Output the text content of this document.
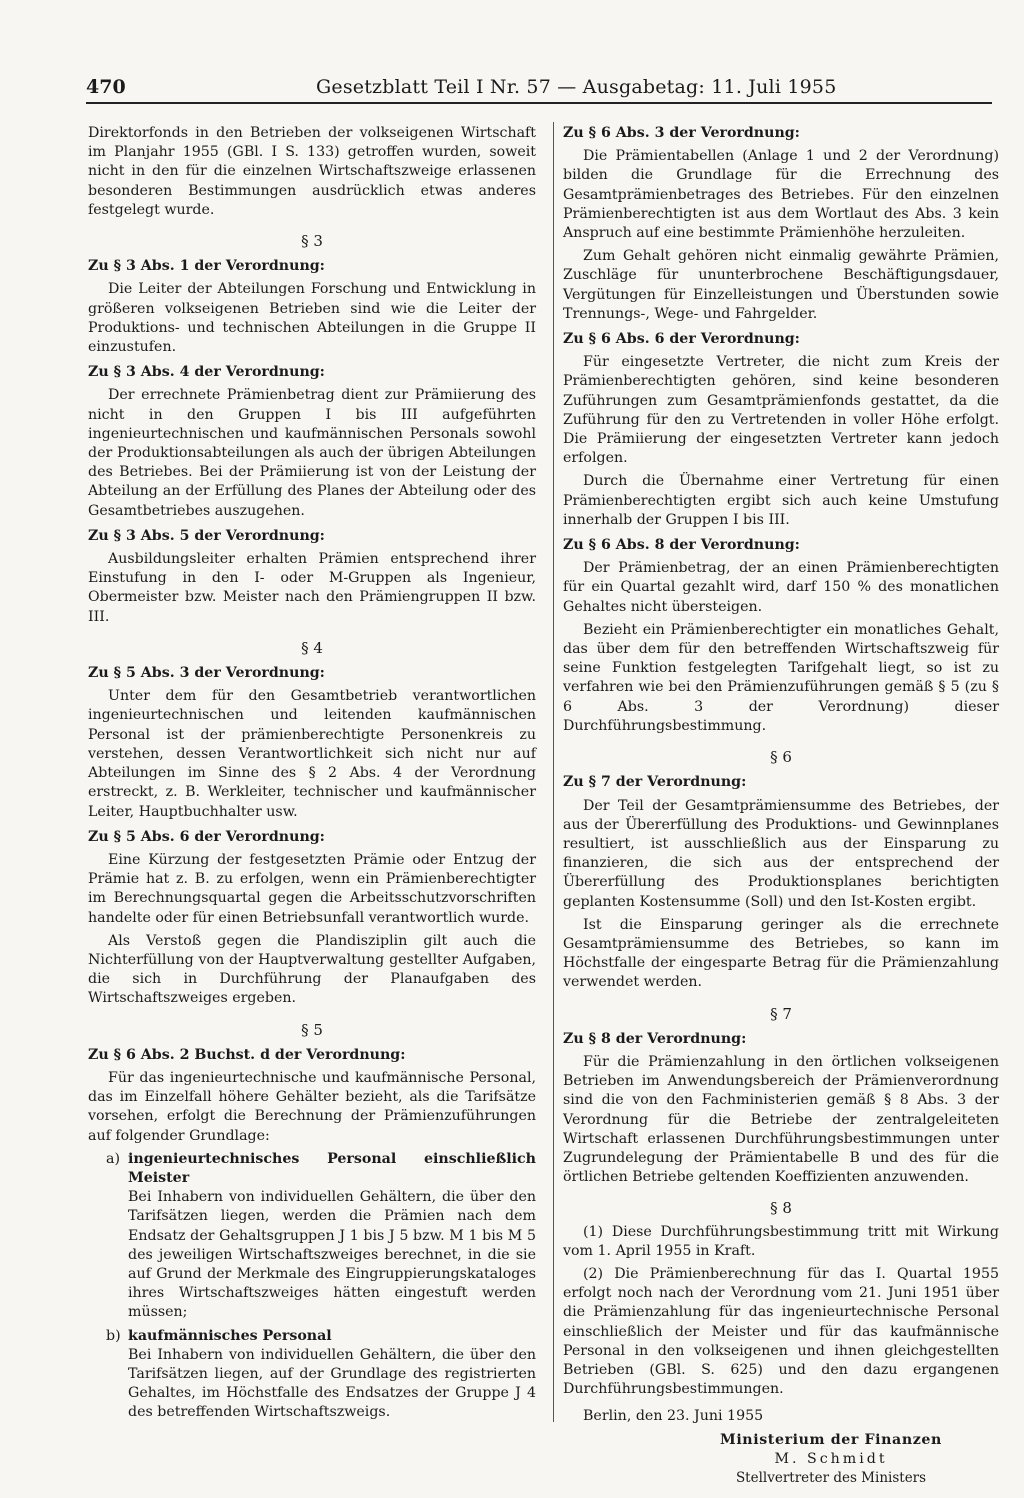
470	Gesetzblatt Teil I Nr. 57 — Ausgabetag: 11. Juli 1955

Direktorfonds in den Betrieben der volkseigenen Wirtschaft im Planjahr 1955 (GBl. I S. 133) getroffen wurden, soweit nicht in den für die einzelnen Wirtschaftszweige erlassenen besonderen Bestimmungen ausdrücklich etwas anderes festgelegt wurde.

§ 3

Zu § 3 Abs. 1 der Verordnung:

Die Leiter der Abteilungen Forschung und Entwicklung in größeren volkseigenen Betrieben sind wie die Leiter der Produktions- und technischen Abteilungen in die Gruppe II einzustufen.

Zu § 3 Abs. 4 der Verordnung:

Der errechnete Prämienbetrag dient zur Prämiierung des nicht in den Gruppen I bis III aufgeführten ingenieurtechnischen und kaufmännischen Personals sowohl der Produktionsabteilungen als auch der übrigen Abteilungen des Betriebes. Bei der Prämiierung ist von der Leistung der Abteilung an der Erfüllung des Planes der Abteilung oder des Gesamtbetriebes auszugehen.

Zu § 3 Abs. 5 der Verordnung:

Ausbildungsleiter erhalten Prämien entsprechend ihrer Einstufung in den I- oder M-Gruppen als Ingenieur, Obermeister bzw. Meister nach den Prämiengruppen II bzw. III.

§ 4

Zu § 5 Abs. 3 der Verordnung:

Unter dem für den Gesamtbetrieb verantwortlichen ingenieurtechnischen und leitenden kaufmännischen Personal ist der prämienberechtigte Personenkreis zu verstehen, dessen Verantwortlichkeit sich nicht nur auf Abteilungen im Sinne des § 2 Abs. 4 der Verordnung erstreckt, z. B. Werkleiter, technischer und kaufmännischer Leiter, Hauptbuchhalter usw.

Zu § 5 Abs. 6 der Verordnung:

Eine Kürzung der festgesetzten Prämie oder Entzug der Prämie hat z. B. zu erfolgen, wenn ein Prämienberechtigter im Berechnungsquartal gegen die Arbeitsschutzvorschriften handelte oder für einen Betriebsunfall verantwortlich wurde.

Als Verstoß gegen die Plandisziplin gilt auch die Nichterfüllung von der Hauptverwaltung gestellter Aufgaben, die sich in Durchführung der Planaufgaben des Wirtschaftszweiges ergeben.

§ 5

Zu § 6 Abs. 2 Buchst. d der Verordnung:

Für das ingenieurtechnische und kaufmännische Personal, das im Einzelfall höhere Gehälter bezieht, als die Tarifsätze vorsehen, erfolgt die Berechnung der Prämienzuführungen auf folgender Grundlage:

a) ingenieurtechnisches Personal einschließlich Meister

Bei Inhabern von individuellen Gehältern, die über den Tarifsätzen liegen, werden die Prämien nach dem Endsatz der Gehaltsgruppen J 1 bis J 5 bzw. M 1 bis M 5 des jeweiligen Wirtschaftszweiges berechnet, in die sie auf Grund der Merkmale des Eingruppierungskataloges ihres Wirtschaftszweiges hätten eingestuft werden müssen;

b) kaufmännisches Personal

Bei Inhabern von individuellen Gehältern, die über den Tarifsätzen liegen, auf der Grundlage des registrierten Gehaltes, im Höchstfalle des Endsatzes der Gruppe J 4 des betreffenden Wirtschaftszweigs.

Zu § 6 Abs. 3 der Verordnung:

Die Prämientabellen (Anlage 1 und 2 der Verordnung) bilden die Grundlage für die Errechnung des Gesamtprämienbetrages des Betriebes. Für den einzelnen Prämienberechtigten ist aus dem Wortlaut des Abs. 3 kein Anspruch auf eine bestimmte Prämienhöhe herzuleiten.

Zum Gehalt gehören nicht einmalig gewährte Prämien, Zuschläge für ununterbrochene Beschäftigungsdauer, Vergütungen für Einzelleistungen und Überstunden sowie Trennungs-, Wege- und Fahrgelder.

Zu § 6 Abs. 6 der Verordnung:

Für eingesetzte Vertreter, die nicht zum Kreis der Prämienberechtigten gehören, sind keine besonderen Zuführungen zum Gesamtprämienfonds gestattet, da die Zuführung für den zu Vertretenden in voller Höhe erfolgt. Die Prämiierung der eingesetzten Vertreter kann jedoch erfolgen.

Durch die Übernahme einer Vertretung für einen Prämienberechtigten ergibt sich auch keine Umstufung innerhalb der Gruppen I bis III.

Zu § 6 Abs. 8 der Verordnung:

Der Prämienbetrag, der an einen Prämienberechtigten für ein Quartal gezahlt wird, darf 150 % des monatlichen Gehaltes nicht übersteigen.

Bezieht ein Prämienberechtigter ein monatliches Gehalt, das über dem für den betreffenden Wirtschaftszweig für seine Funktion festgelegten Tarifgehalt liegt, so ist zu verfahren wie bei den Prämienzuführungen gemäß § 5 (zu § 6 Abs. 3 der Verordnung) dieser Durchführungsbestimmung.

§ 6

Zu § 7 der Verordnung:

Der Teil der Gesamtprämiensumme des Betriebes, der aus der Übererfüllung des Produktions- und Gewinnplanes resultiert, ist ausschließlich aus der Einsparung zu finanzieren, die sich aus der entsprechend der Übererfüllung des Produktionsplanes berichtigten geplanten Kostensumme (Soll) und den Ist-Kosten ergibt.

Ist die Einsparung geringer als die errechnete Gesamtprämiensumme des Betriebes, so kann im Höchstfalle der eingesparte Betrag für die Prämienzahlung verwendet werden.

§ 7

Zu § 8 der Verordnung:

Für die Prämienzahlung in den örtlichen volkseigenen Betrieben im Anwendungsbereich der Prämienverordnung sind die von den Fachministerien gemäß § 8 Abs. 3 der Verordnung für die Betriebe der zentralgeleiteten Wirtschaft erlassenen Durchführungsbestimmungen unter Zugrundelegung der Prämientabelle B und des für die örtlichen Betriebe geltenden Koeffizienten anzuwenden.

§ 8

(1) Diese Durchführungsbestimmung tritt mit Wirkung vom 1. April 1955 in Kraft.

(2) Die Prämienberechnung für das I. Quartal 1955 erfolgt noch nach der Verordnung vom 21. Juni 1951 über die Prämienzahlung für das ingenieurtechnische Personal einschließlich der Meister und für das kaufmännische Personal in den volkseigenen und ihnen gleichgestellten Betrieben (GBl. S. 625) und den dazu ergangenen Durchführungsbestimmungen.

Berlin, den 23. Juni 1955

Ministerium der Finanzen

M. Schmidt

Stellvertreter des Ministers
